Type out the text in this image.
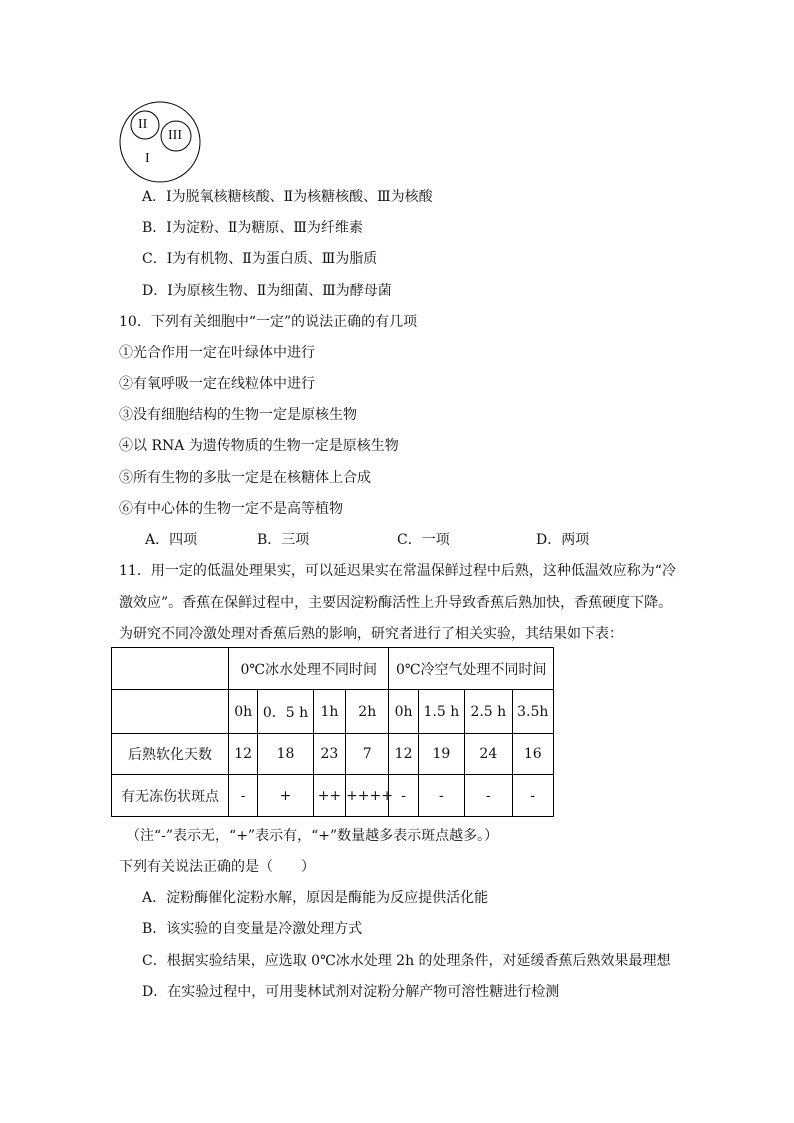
II
III
I
A．Ⅰ为脱氧核糖核酸、Ⅱ为核糖核酸、Ⅲ为核酸
B．Ⅰ为淀粉、Ⅱ为糖原、Ⅲ为纤维素
C．Ⅰ为有机物、Ⅱ为蛋白质、Ⅲ为脂质
D．Ⅰ为原核生物、Ⅱ为细菌、Ⅲ为酵母菌
10．下列有关细胞中“一定”的说法正确的有几项
①光合作用一定在叶绿体中进行
②有氧呼吸一定在线粒体中进行
③没有细胞结构的生物一定是原核生物
④以 RNA 为遗传物质的生物一定是原核生物
⑤所有生物的多肽一定是在核糖体上合成
⑥有中心体的生物一定不是高等植物
A．四项	B．三项	C．一项	D．两项
11．用一定的低温处理果实，可以延迟果实在常温保鲜过程中后熟，这种低温效应称为“冷
激效应”。香蕉在保鲜过程中，主要因淀粉酶活性上升导致香蕉后熟加快，香蕉硬度下降。
为研究不同冷激处理对香蕉后熟的影响，研究者进行了相关实验，其结果如下表：
	0℃冰水处理不同时间				0℃冷空气处理不同时间			
	0h	0．5 h	1h	2h	0h	1.5 h	2.5 h	3.5h
后熟软化天数	12	18	23	7	12	19	24	16
有无冻伤状斑点	-	+	++	++++	-	-	-	-
（注“-”表示无，“+”表示有，“+”数量越多表示斑点越多。）
下列有关说法正确的是（　　）
A．淀粉酶催化淀粉水解，原因是酶能为反应提供活化能
B．该实验的自变量是冷激处理方式
C．根据实验结果，应选取 0℃冰水处理 2h 的处理条件，对延缓香蕉后熟效果最理想
D．在实验过程中，可用斐林试剂对淀粉分解产物可溶性糖进行检测
